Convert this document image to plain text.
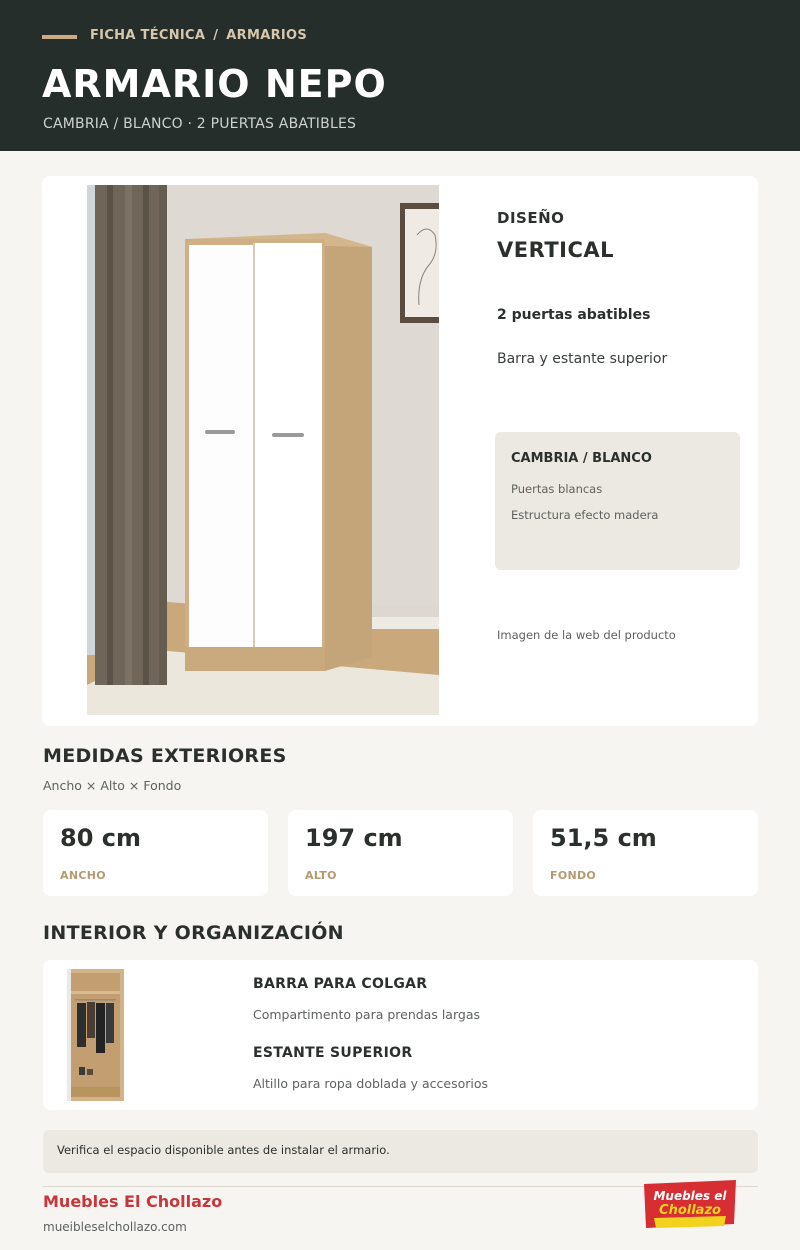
FICHA TÉCNICA / ARMARIOS
ARMARIO NEPO
CAMBRIA / BLANCO · 2 PUERTAS ABATIBLES
DISEÑO
VERTICAL
2 puertas abatibles
Barra y estante superior
CAMBRIA / BLANCO
Puertas blancas
Estructura efecto madera
Imagen de la web del producto
MEDIDAS EXTERIORES
Ancho × Alto × Fondo
80 cm
ANCHO
197 cm
ALTO
51,5 cm
FONDO
INTERIOR Y ORGANIZACIÓN
BARRA PARA COLGAR
Compartimento para prendas largas
ESTANTE SUPERIOR
Altillo para ropa doblada y accesorios
Verifica el espacio disponible antes de instalar el armario.
Muebles El Chollazo
mueibleselchollazo.com
Muebles el
Chollazo
